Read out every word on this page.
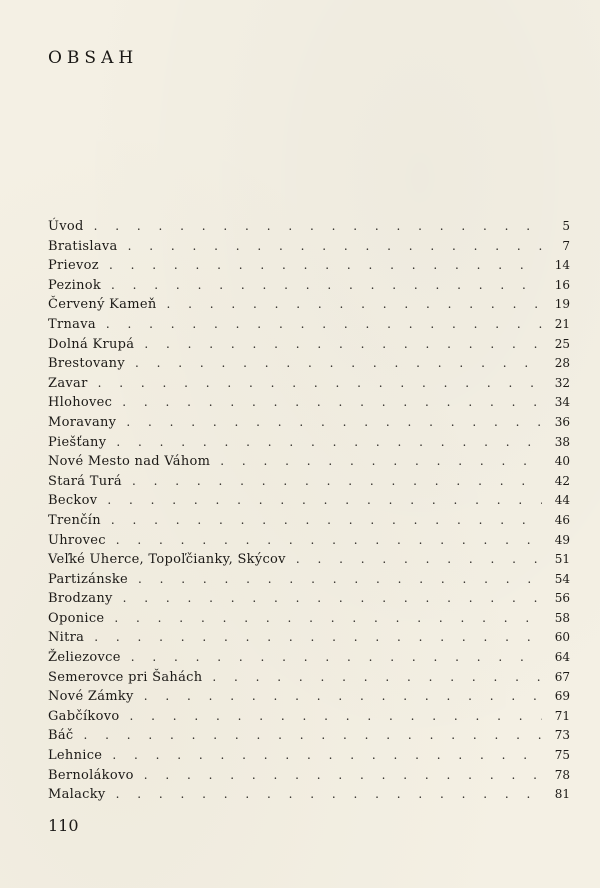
OBSAH
Úvod . . .	5
Bratislava . . .	7
Prievoz . . .	14
Pezinok . . .	16
Červený Kameň . . .	19
Trnava . . .	21
Dolná Krupá . . .	25
Brestovany . . .	28
Zavar . . .	32
Hlohovec . . .	34
Moravany . . .	36
Piešťany . . .	38
Nové Mesto nad Váhom . . .	40
Stará Turá . . .	42
Beckov . . .	44
Trenčín . . .	46
Uhrovec . . .	49
Veľké Uherce, Topoľčianky, Skýcov . . .	51
Partizánske . . .	54
Brodzany . . .	56
Oponice . . .	58
Nitra . . .	60
Želiezovce . . .	64
Semerovce pri Šahách . . .	67
Nové Zámky . . .	69
Gabčíkovo . . .	71
Báč . . .	73
Lehnice . . .	75
Bernolákovo . . .	78
Malacky . . .	81
110
